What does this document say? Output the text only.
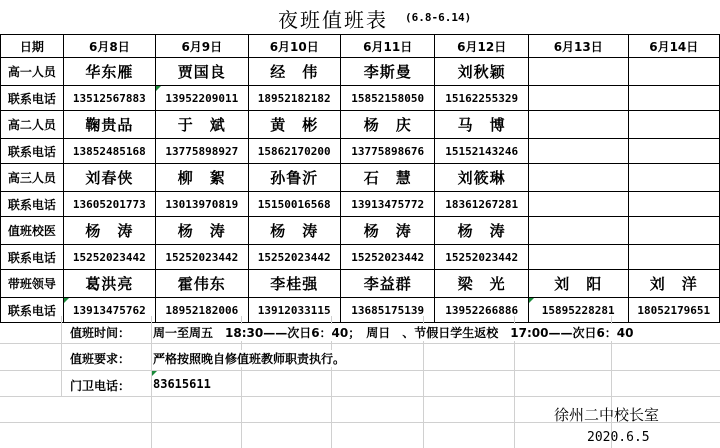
夜班值班表 (6.8-6.14)
日期	6月8日	6月9日	6月10日	6月11日	6月12日	6月13日	6月14日
高一人员	华东雁	贾国良	经　伟	李斯曼	刘秋颖		
联系电话	13512567883	13952209011	18952182182	15852158050	15162255329		
高二人员	鞠贵品	于　斌	黄　彬	杨　庆	马　博		
联系电话	13852485168	13775898927	15862170200	13775898676	15152143246		
高三人员	刘春侠	柳　絮	孙鲁沂	石　慧	刘筱琳		
联系电话	13605201773	13013970819	15150016568	13913475772	18361267281		
值班校医	杨　涛	杨　涛	杨　涛	杨　涛	杨　涛		
联系电话	15252023442	15252023442	15252023442	15252023442	15252023442		
带班领导	葛洪亮	霍伟东	李桂强	李益群	梁　光	刘　阳	刘　洋
联系电话	13913475762	18952182006	13912033115	13685175139	13952266886	15895228281	18052179651
值班时间： 周一至周五　18:30——次日6：40；　周日　、节假日学生返校　17:00——次日6：40
值班要求： 严格按照晚自修值班教师职责执行。
门卫电话： 83615611
徐州二中校长室
2020.6.5
